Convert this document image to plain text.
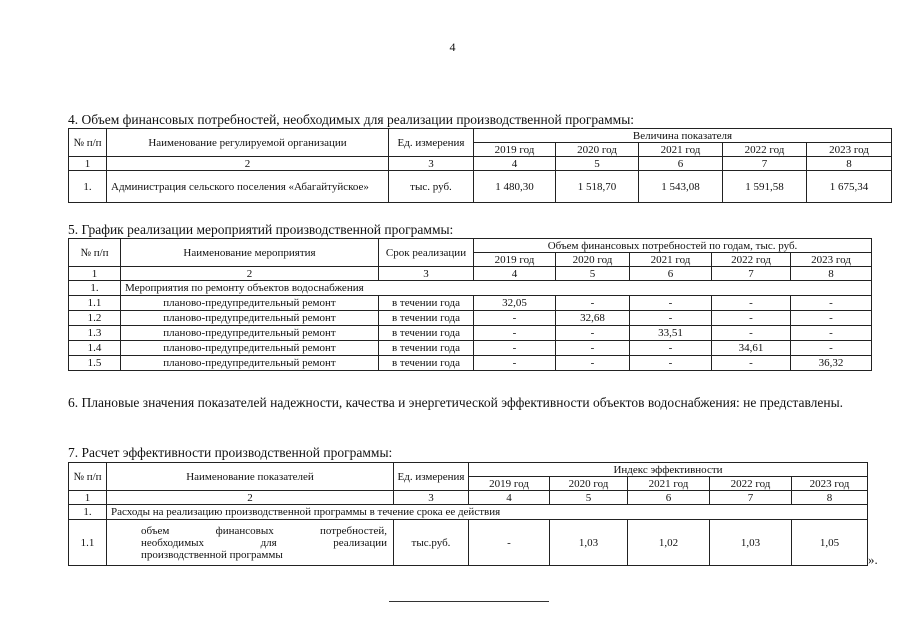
4
4. Объем финансовых потребностей, необходимых для реализации производственной программы:
№ п/п	Наименование регулируемой организации	Ед. измерения	Величина показателя				
			2019 год	2020 год	2021 год	2022 год	2023 год
1	2	3	4	5	6	7	8
1.	Администрация сельского поселения «Абагайтуйское»	тыс. руб.	1 480,30	1 518,70	1 543,08	1 591,58	1 675,34
5. График реализации мероприятий производственной программы:
№ п/п	Наименование мероприятия	Срок реализации	Объем финансовых потребностей по годам, тыс. руб.				
			2019 год	2020 год	2021 год	2022 год	2023 год
1	2	3	4	5	6	7	8
1.	Мероприятия по ремонту объектов водоснабжения						
1.1	планово-предупредительный ремонт	в течении года	32,05	-	-	-	-
1.2	планово-предупредительный ремонт	в течении года	-	32,68	-	-	-
1.3	планово-предупредительный ремонт	в течении года	-	-	33,51	-	-
1.4	планово-предупредительный ремонт	в течении года	-	-	-	34,61	-
1.5	планово-предупредительный ремонт	в течении года	-	-	-	-	36,32
6. Плановые значения показателей надежности, качества и энергетической эффективности объектов водоснабжения: не представлены.
7. Расчет эффективности производственной программы:
№ п/п	Наименование показателей	Ед. измерения	Индекс эффективности				
			2019 год	2020 год	2021 год	2022 год	2023 год
1	2	3	4	5	6	7	8
1.	Расходы на реализацию производственной программы в течение срока ее действия						
1.1	объем финансовых потребностей,
необходимых для реализации
производственной программы	тыс.руб.	-	1,03	1,02	1,03	1,05
».
